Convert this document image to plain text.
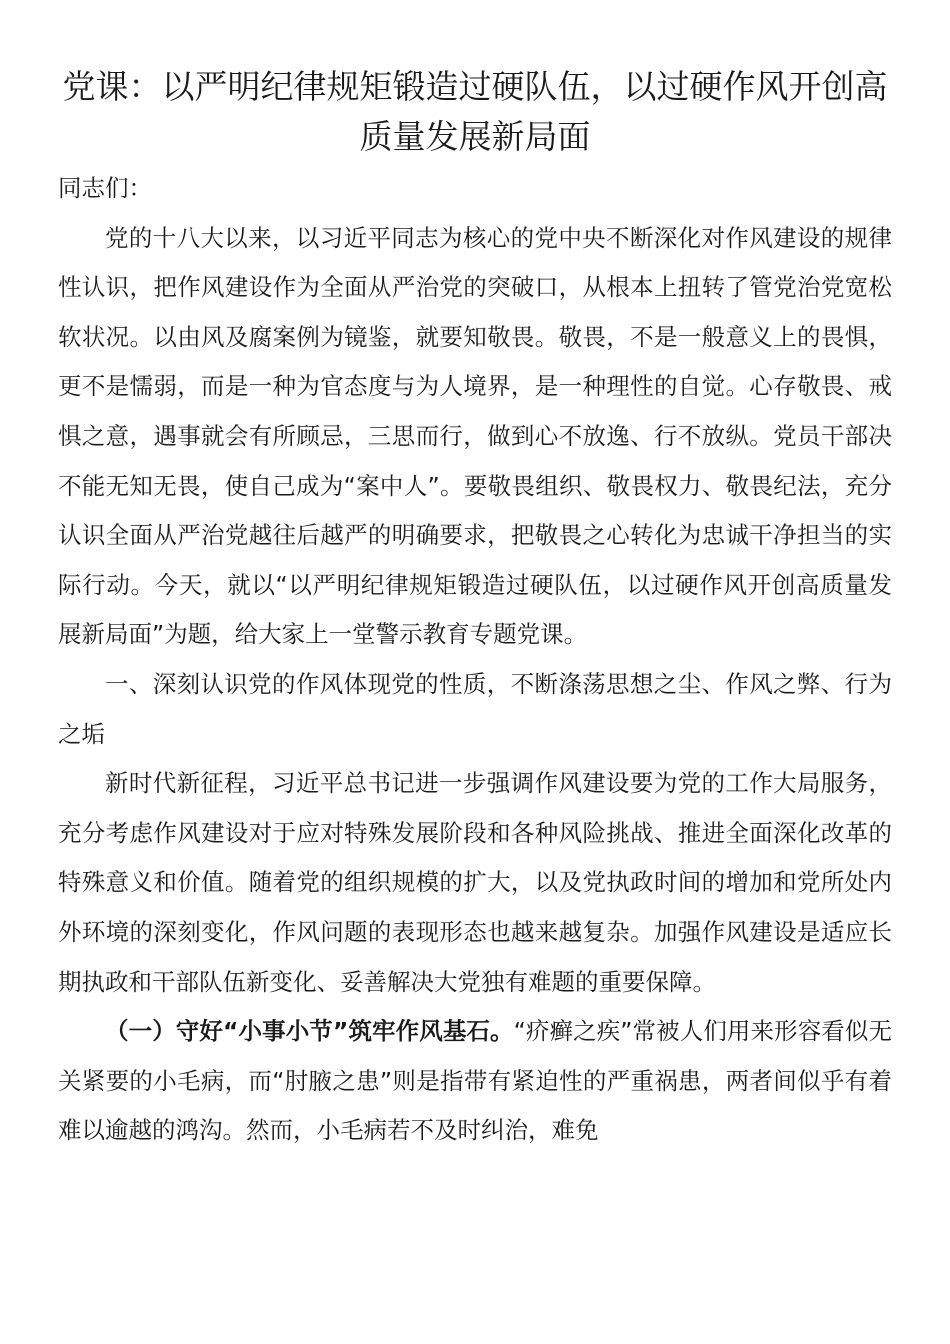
党课：以严明纪律规矩锻造过硬队伍，以过硬作风开创高质量发展新局面

同志们：

党的十八大以来，以习近平同志为核心的党中央不断深化对作风建设的规律性认识，把作风建设作为全面从严治党的突破口，从根本上扭转了管党治党宽松软状况。以由风及腐案例为镜鉴，就要知敬畏。敬畏，不是一般意义上的畏惧，更不是懦弱，而是一种为官态度与为人境界，是一种理性的自觉。心存敬畏、戒惧之意，遇事就会有所顾忌，三思而行，做到心不放逸、行不放纵。党员干部决不能无知无畏，使自己成为“案中人”。要敬畏组织、敬畏权力、敬畏纪法，充分认识全面从严治党越往后越严的明确要求，把敬畏之心转化为忠诚干净担当的实际行动。今天，就以“以严明纪律规矩锻造过硬队伍，以过硬作风开创高质量发展新局面”为题，给大家上一堂警示教育专题党课。

一、深刻认识党的作风体现党的性质，不断涤荡思想之尘、作风之弊、行为之垢

新时代新征程，习近平总书记进一步强调作风建设要为党的工作大局服务，充分考虑作风建设对于应对特殊发展阶段和各种风险挑战、推进全面深化改革的特殊意义和价值。随着党的组织规模的扩大，以及党执政时间的增加和党所处内外环境的深刻变化，作风问题的表现形态也越来越复杂。加强作风建设是适应长期执政和干部队伍新变化、妥善解决大党独有难题的重要保障。

（一）守好“小事小节”筑牢作风基石。“疥癣之疾”常被人们用来形容看似无关紧要的小毛病，而“肘腋之患”则是指带有紧迫性的严重祸患，两者间似乎有着难以逾越的鸿沟。然而，小毛病若不及时纠治，难免
